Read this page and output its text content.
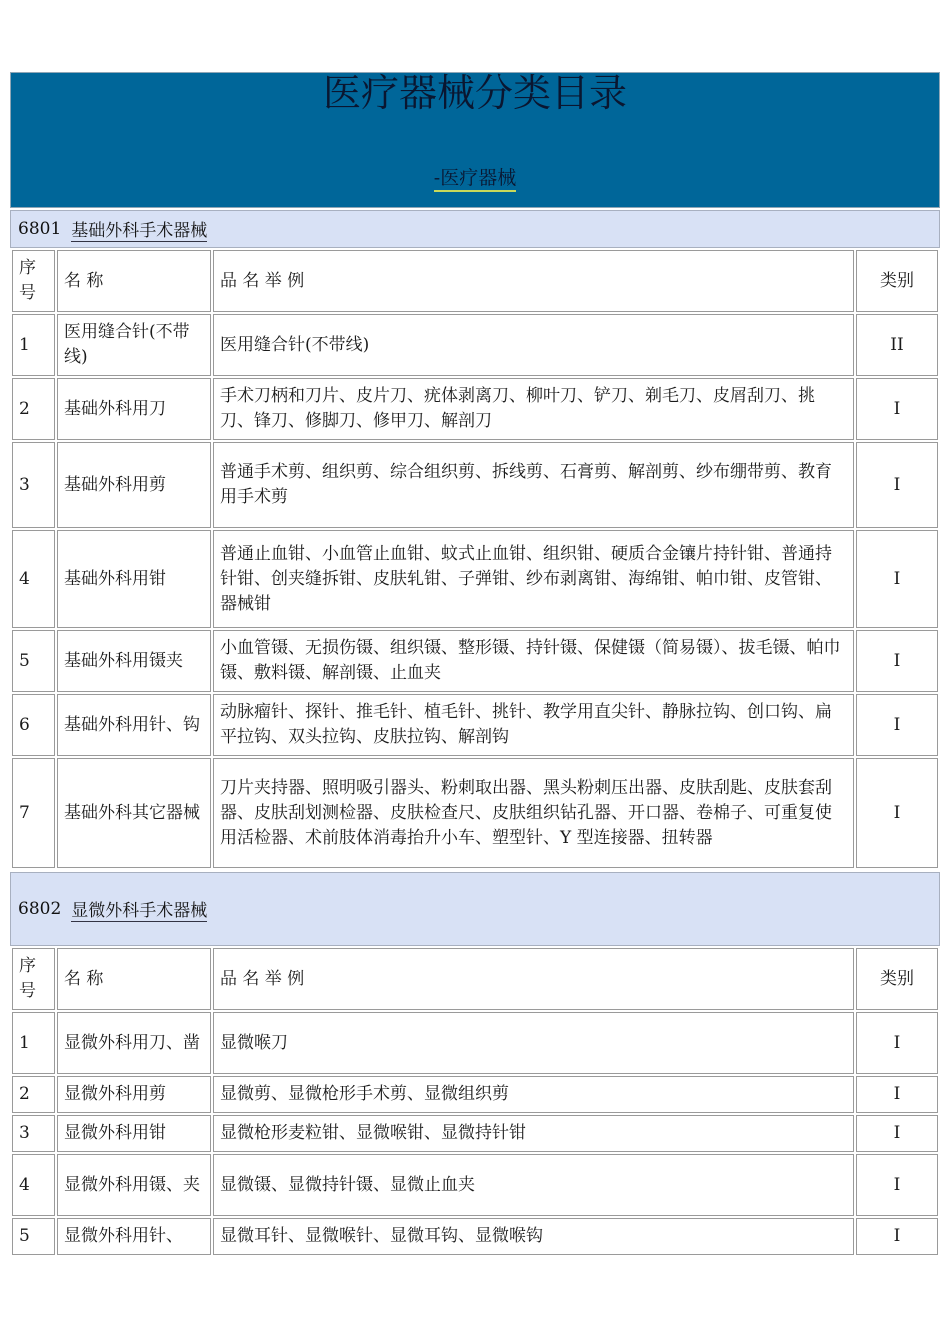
医疗器械分类目录
-医疗器械
6801 基础外科手术器械
序号	名 称	品 名 举 例	类别
1	医用缝合针(不带线)	医用缝合针(不带线)	II
2	基础外科用刀	手术刀柄和刀片、皮片刀、疣体剥离刀、柳叶刀、铲刀、剃毛刀、皮屑刮刀、挑刀、锋刀、修脚刀、修甲刀、解剖刀	I
3	基础外科用剪	普通手术剪、组织剪、综合组织剪、拆线剪、石膏剪、解剖剪、纱布绷带剪、教育用手术剪	I
4	基础外科用钳	普通止血钳、小血管止血钳、蚊式止血钳、组织钳、硬质合金镶片持针钳、普通持针钳、创夹缝拆钳、皮肤轧钳、子弹钳、纱布剥离钳、海绵钳、帕巾钳、皮管钳、器械钳	I
5	基础外科用镊夹	小血管镊、无损伤镊、组织镊、整形镊、持针镊、保健镊（简易镊）、拔毛镊、帕巾镊、敷料镊、解剖镊、止血夹	I
6	基础外科用针、钩	动脉瘤针、探针、推毛针、植毛针、挑针、教学用直尖针、静脉拉钩、创口钩、扁平拉钩、双头拉钩、皮肤拉钩、解剖钩	I
7	基础外科其它器械	刀片夹持器、照明吸引器头、粉刺取出器、黑头粉刺压出器、皮肤刮匙、皮肤套刮器、皮肤刮划测检器、皮肤检查尺、皮肤组织钻孔器、开口器、卷棉子、可重复使用活检器、术前肢体消毒抬升小车、塑型针、Y 型连接器、扭转器	I
6802 显微外科手术器械
序号	名 称	品 名 举 例	类别
1	显微外科用刀、凿	显微喉刀	I
2	显微外科用剪	显微剪、显微枪形手术剪、显微组织剪	I
3	显微外科用钳	显微枪形麦粒钳、显微喉钳、显微持针钳	I
4	显微外科用镊、夹	显微镊、显微持针镊、显微止血夹	I
5	显微外科用针、	显微耳针、显微喉针、显微耳钩、显微喉钩	I
